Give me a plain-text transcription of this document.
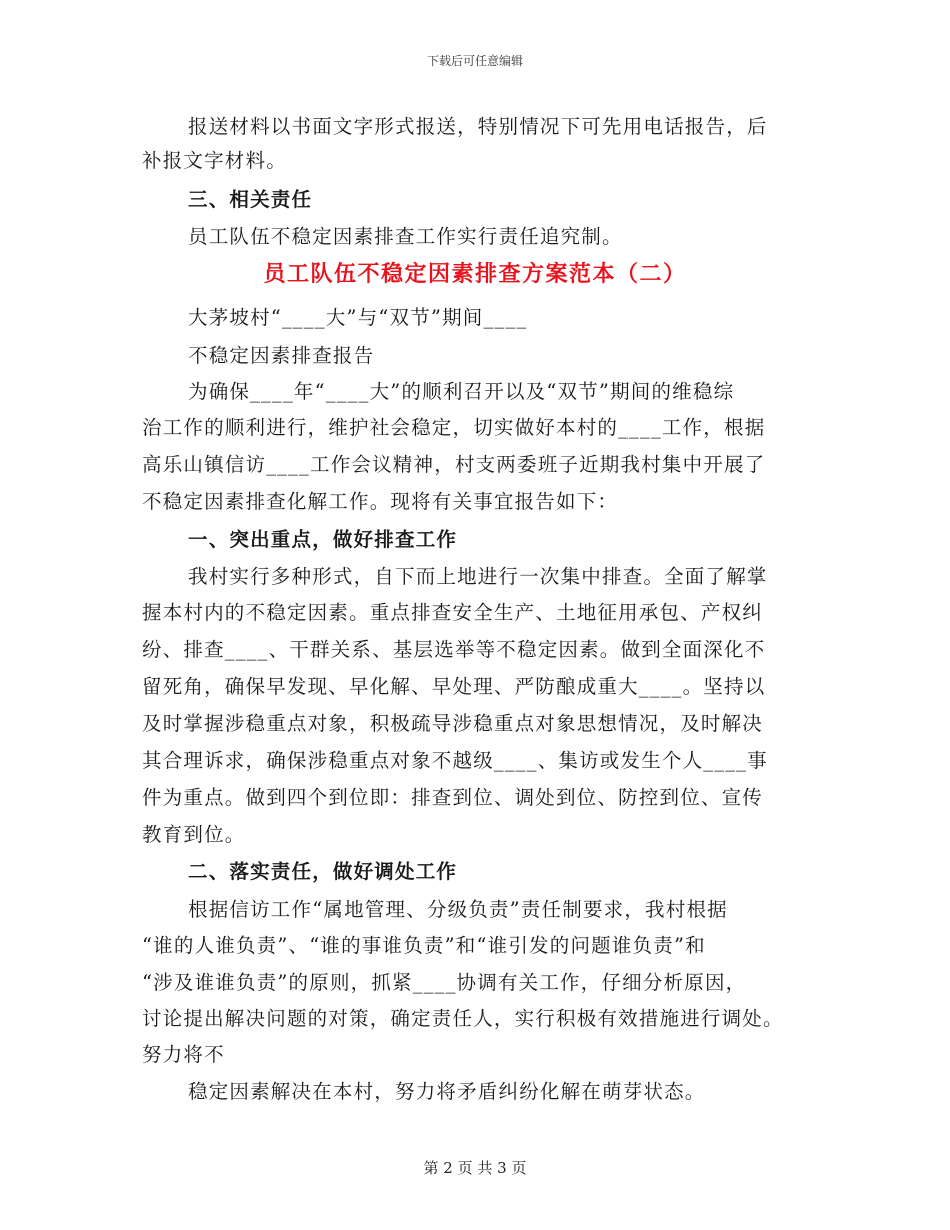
下载后可任意编辑
报送材料以书面文字形式报送，特别情况下可先用电话报告，后
补报文字材料。
三、相关责任
员工队伍不稳定因素排查工作实行责任追究制。
员工队伍不稳定因素排查方案范本（二）
大茅坡村“____大”与“双节”期间____
不稳定因素排查报告
为确保____年“____大”的顺利召开以及“双节”期间的维稳综
治工作的顺利进行，维护社会稳定，切实做好本村的____工作，根据
高乐山镇信访____工作会议精神，村支两委班子近期我村集中开展了
不稳定因素排查化解工作。现将有关事宜报告如下：
一、突出重点，做好排查工作
我村实行多种形式，自下而上地进行一次集中排查。全面了解掌
握本村内的不稳定因素。重点排查安全生产、土地征用承包、产权纠
纷、排查____、干群关系、基层选举等不稳定因素。做到全面深化不
留死角，确保早发现、早化解、早处理、严防酿成重大____。坚持以
及时掌握涉稳重点对象，积极疏导涉稳重点对象思想情况，及时解决
其合理诉求，确保涉稳重点对象不越级____、集访或发生个人____事
件为重点。做到四个到位即：排查到位、调处到位、防控到位、宣传
教育到位。
二、落实责任，做好调处工作
根据信访工作“属地管理、分级负责”责任制要求，我村根据
“谁的人谁负责”、“谁的事谁负责”和“谁引发的问题谁负责”和
“涉及谁谁负责”的原则，抓紧____协调有关工作，仔细分析原因，
讨论提出解决问题的对策，确定责任人，实行积极有效措施进行调处。
努力将不
稳定因素解决在本村，努力将矛盾纠纷化解在萌芽状态。
第 2 页 共 3 页
